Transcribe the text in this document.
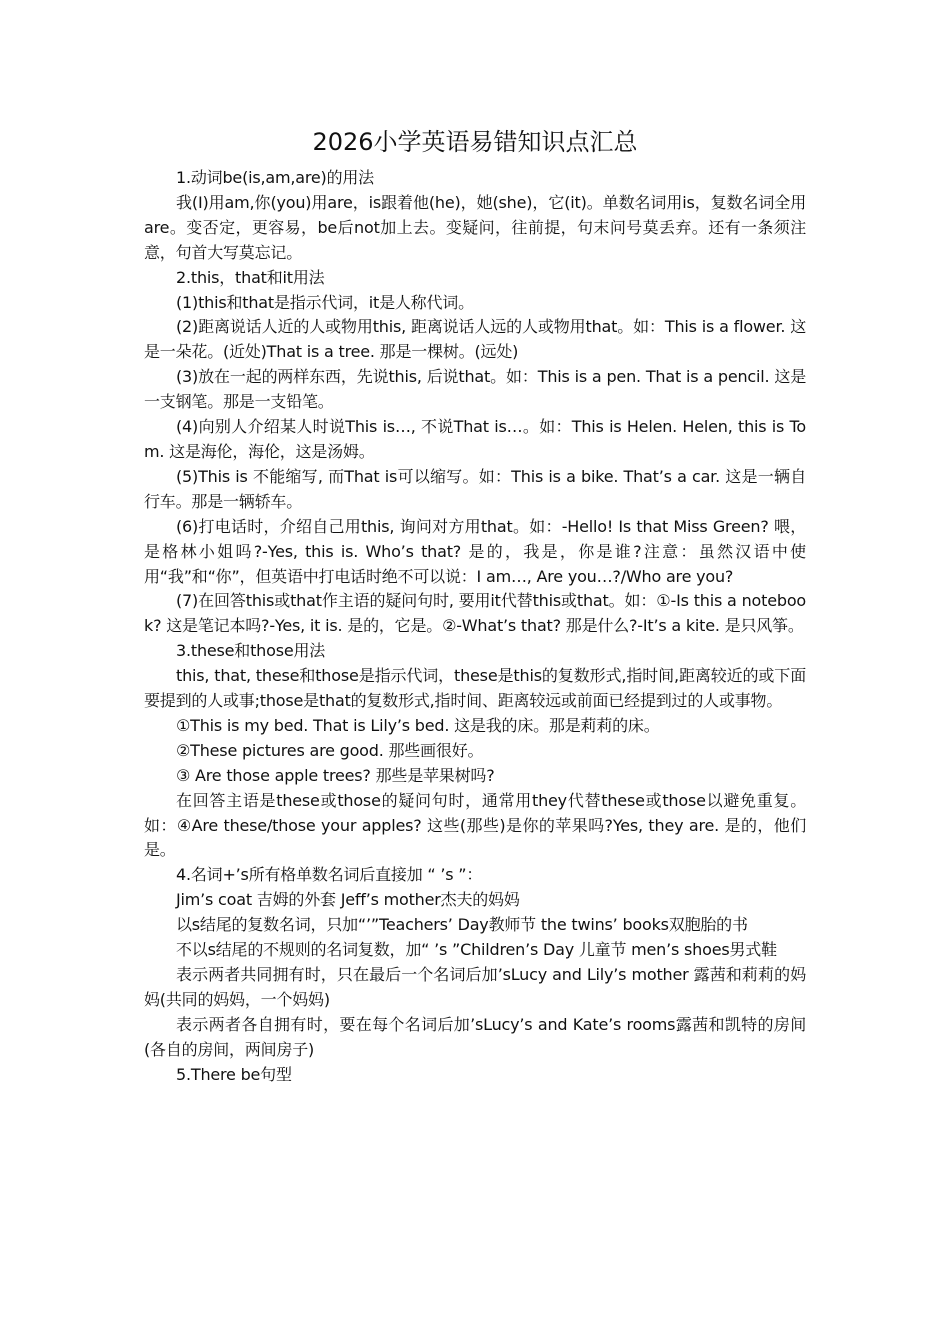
2026小学英语易错知识点汇总

1.动词be(is,am,are)的用法

我(I)用am,你(you)用are，is跟着他(he)，她(she)，它(it)。单数名词用is，复数名词全用are。变否定，更容易，be后not加上去。变疑问，往前提，句末问号莫丢弃。还有一条须注意，句首大写莫忘记。

2.this，that和it用法

(1)this和that是指示代词，it是人称代词。

(2)距离说话人近的人或物用this, 距离说话人远的人或物用that。如：This is a flower. 这是一朵花。(近处)That is a tree. 那是一棵树。(远处)

(3)放在一起的两样东西，先说this, 后说that。如：This is a pen. That is a pencil. 这是一支钢笔。那是一支铅笔。

(4)向别人介绍某人时说This is…, 不说That is…。如：This is Helen. Helen, this is Tom. 这是海伦，海伦，这是汤姆。

(5)This is 不能缩写, 而That is可以缩写。如：This is a bike. That’s a car. 这是一辆自行车。那是一辆轿车。

(6)打电话时，介绍自己用this, 询问对方用that。如：-Hello! Is that Miss Green? 喂，是格林小姐吗?-Yes, this is. Who’s that? 是的，我是，你是谁?注意：虽然汉语中使用“我”和“你”，但英语中打电话时绝不可以说：I am…, Are you…?/Who are you?

(7)在回答this或that作主语的疑问句时, 要用it代替this或that。如：①-Is this a notebook? 这是笔记本吗?-Yes, it is. 是的，它是。②-What’s that? 那是什么?-It’s a kite. 是只风筝。

3.these和those用法

this, that, these和those是指示代词，these是this的复数形式,指时间,距离较近的或下面要提到的人或事;those是that的复数形式,指时间、距离较远或前面已经提到过的人或事物。

①This is my bed. That is Lily’s bed. 这是我的床。那是莉莉的床。

②These pictures are good. 那些画很好。

③ Are those apple trees? 那些是苹果树吗?

在回答主语是these或those的疑问句时，通常用they代替these或those以避免重复。如：④Are these/those your apples? 这些(那些)是你的苹果吗?Yes, they are. 是的，他们是。

4.名词+’s所有格单数名词后直接加 “ ’s ”：

Jim’s coat 吉姆的外套 Jeff’s mother杰夫的妈妈

以s结尾的复数名词，只加“’”Teachers’ Day教师节 the twins’ books双胞胎的书

不以s结尾的不规则的名词复数，加“ ’s ”Children’s Day 儿童节 men’s shoes男式鞋

表示两者共同拥有时，只在最后一个名词后加’sLucy and Lily’s mother 露茜和莉莉的妈妈(共同的妈妈，一个妈妈)

表示两者各自拥有时，要在每个名词后加’sLucy’s and Kate’s rooms露茜和凯特的房间(各自的房间，两间房子)

5.There be句型
